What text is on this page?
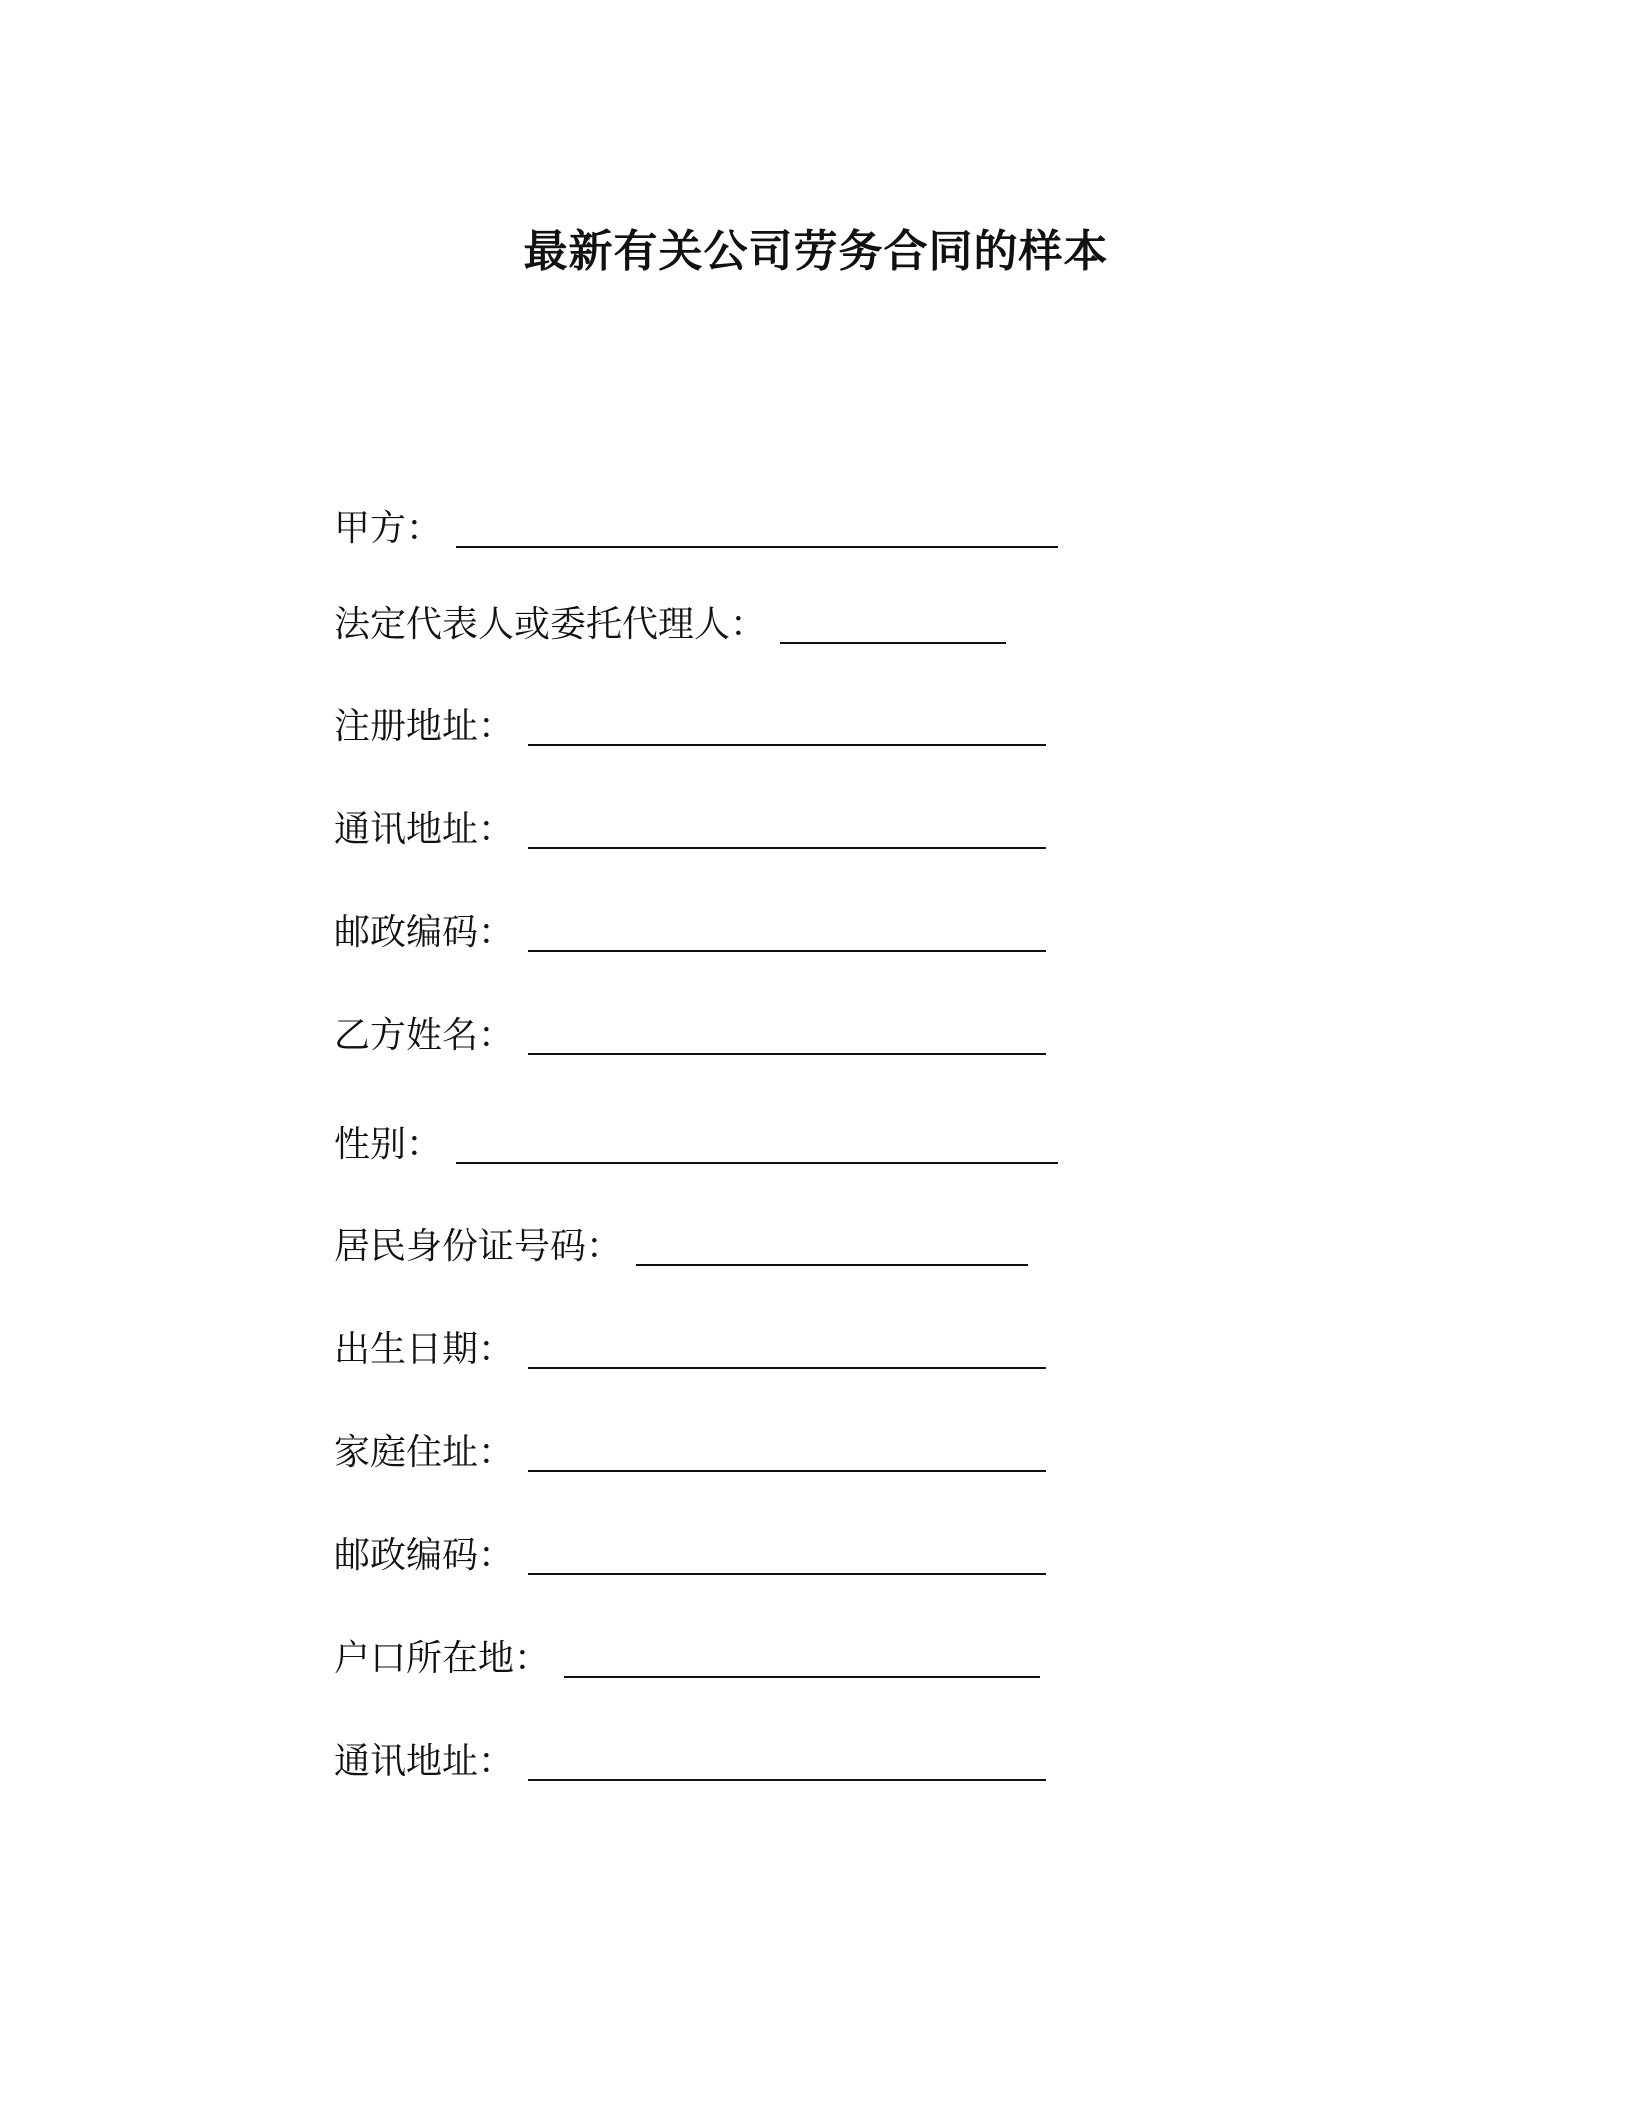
最新有关公司劳务合同的样本
甲方：
法定代表人或委托代理人：
注册地址：
通讯地址：
邮政编码：
乙方姓名：
性别：
居民身份证号码：
出生日期：
家庭住址：
邮政编码：
户口所在地：
通讯地址：
